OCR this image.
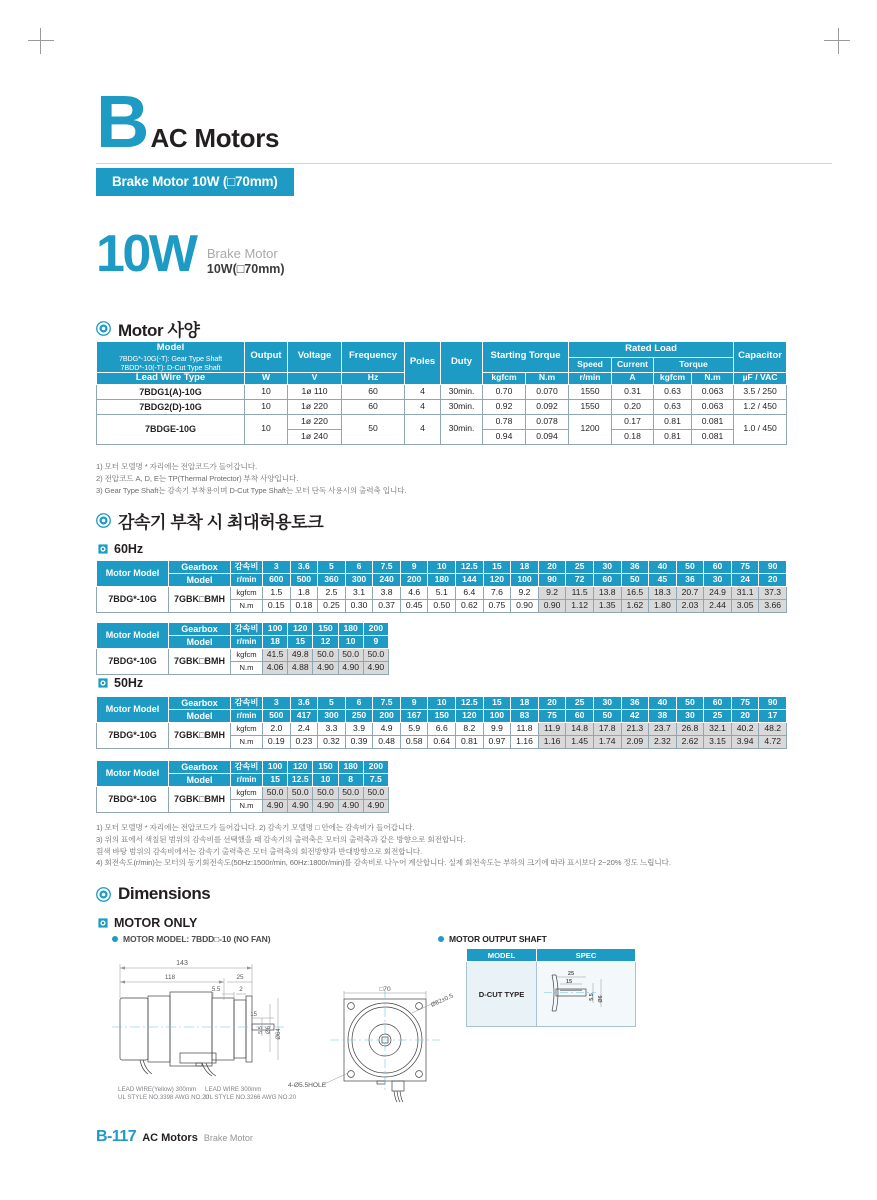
B AC Motors
Brake Motor 10W (□70mm)
10W Brake Motor
10W(□70mm)
Motor 사양
Model
7BDG*-10G(-T): Gear Type Shaft
7BDD*-10(-T): D-Cut Type Shaft	Output	Voltage	Frequency	Poles	Duty	Starting Torque		Rated Load				Capacitor
								Speed	Current	Torque		
Lead Wire Type	W	V	Hz			kgfcm	N.m	r/min	A	kgfcm	N.m	µF / VAC
7BDG1(A)-10G	10	1ø 110	60	4	30min.	0.70	0.070	1550	0.31	0.63	0.063	3.5 / 250
7BDG2(D)-10G	10	1ø 220	60	4	30min.	0.92	0.092	1550	0.20	0.63	0.063	1.2 / 450
7BDGE-10G	10	1ø 220	50	4	30min.	0.78	0.078	1200	0.17	0.81	0.081	1.0 / 450
		1ø 240				0.94	0.094		0.18	0.81	0.081	
1) 모터 모델명 * 자리에는 전압코드가 들어갑니다.
2) 전압코드 A, D, E는 TP(Thermal Protector) 부착 사양입니다.
3) Gear Type Shaft는 감속기 부착용이며 D-Cut Type Shaft는 모터 단독 사용시의 출력축 입니다.
감속기 부착 시 최대허용토크
60Hz
Motor Model	Gearbox	감속비	3	3.6	5	6	7.5	9	10	12.5	15	18	20	25	30	36	40	50	60	75	90
	Model	r/min	600	500	360	300	240	200	180	144	120	100	90	72	60	50	45	36	30	24	20
7BDG*-10G	7GBK□BMH	kgfcm	1.5	1.8	2.5	3.1	3.8	4.6	5.1	6.4	7.6	9.2	9.2	11.5	13.8	16.5	18.3	20.7	24.9	31.1	37.3
		N.m	0.15	0.18	0.25	0.30	0.37	0.45	0.50	0.62	0.75	0.90	0.90	1.12	1.35	1.62	1.80	2.03	2.44	3.05	3.66
Motor Model	Gearbox	감속비	100	120	150	180	200
	Model	r/min	18	15	12	10	9
7BDG*-10G	7GBK□BMH	kgfcm	41.5	49.8	50.0	50.0	50.0
		N.m	4.06	4.88	4.90	4.90	4.90
50Hz
Motor Model	Gearbox	감속비	3	3.6	5	6	7.5	9	10	12.5	15	18	20	25	30	36	40	50	60	75	90
	Model	r/min	500	417	300	250	200	167	150	120	100	83	75	60	50	42	38	30	25	20	17
7BDG*-10G	7GBK□BMH	kgfcm	2.0	2.4	3.3	3.9	4.9	5.9	6.6	8.2	9.9	11.8	11.9	14.8	17.8	21.3	23.7	26.8	32.1	40.2	48.2
		N.m	0.19	0.23	0.32	0.39	0.48	0.58	0.64	0.81	0.97	1.16	1.16	1.45	1.74	2.09	2.32	2.62	3.15	3.94	4.72
Motor Model	Gearbox	감속비	100	120	150	180	200
	Model	r/min	15	12.5	10	8	7.5
7BDG*-10G	7GBK□BMH	kgfcm	50.0	50.0	50.0	50.0	50.0
		N.m	4.90	4.90	4.90	4.90	4.90
1) 모터 모델명 * 자리에는 전압코드가 들어갑니다. 2) 감속기 모델명 □ 안에는 감속비가 들어갑니다.
3) 위의 표에서 색칠된 범위의 감속비를 선택했을 때 감속기의 출력축은 모터의 출력축과 같은 방향으로 회전합니다.
흰색 바탕 범위의 감속비에서는 감속기 출력축은 모터 출력축의 회전방향과 반대방향으로 회전합니다.
4) 회전속도(r/min)는 모터의 동기회전속도(50Hz:1500r/min, 60Hz:1800r/min)를 감속비로 나누어 계산합니다. 실제 회전속도는 부하의 크기에 따라 표시보다 2~20% 정도 느립니다.
Dimensions
MOTOR ONLY
MOTOR MODEL: 7BDD□-10 (NO FAN)	MOTOR OUTPUT SHAFT
143
118	25
5.5	2
15
Ø6 Ø64
5.5
□70
Ø82±0.5
4-Ø5.5HOLE
LEAD WIRE(Yellow) 300mm
UL STYLE NO.3398 AWG NO.20
LEAD WIRE 300mm
UL STYLE NO.3266 AWG NO.20
MODEL	SPEC
D-CUT TYPE	25
15
5.5 Ø6
B-117 AC Motors Brake Motor
